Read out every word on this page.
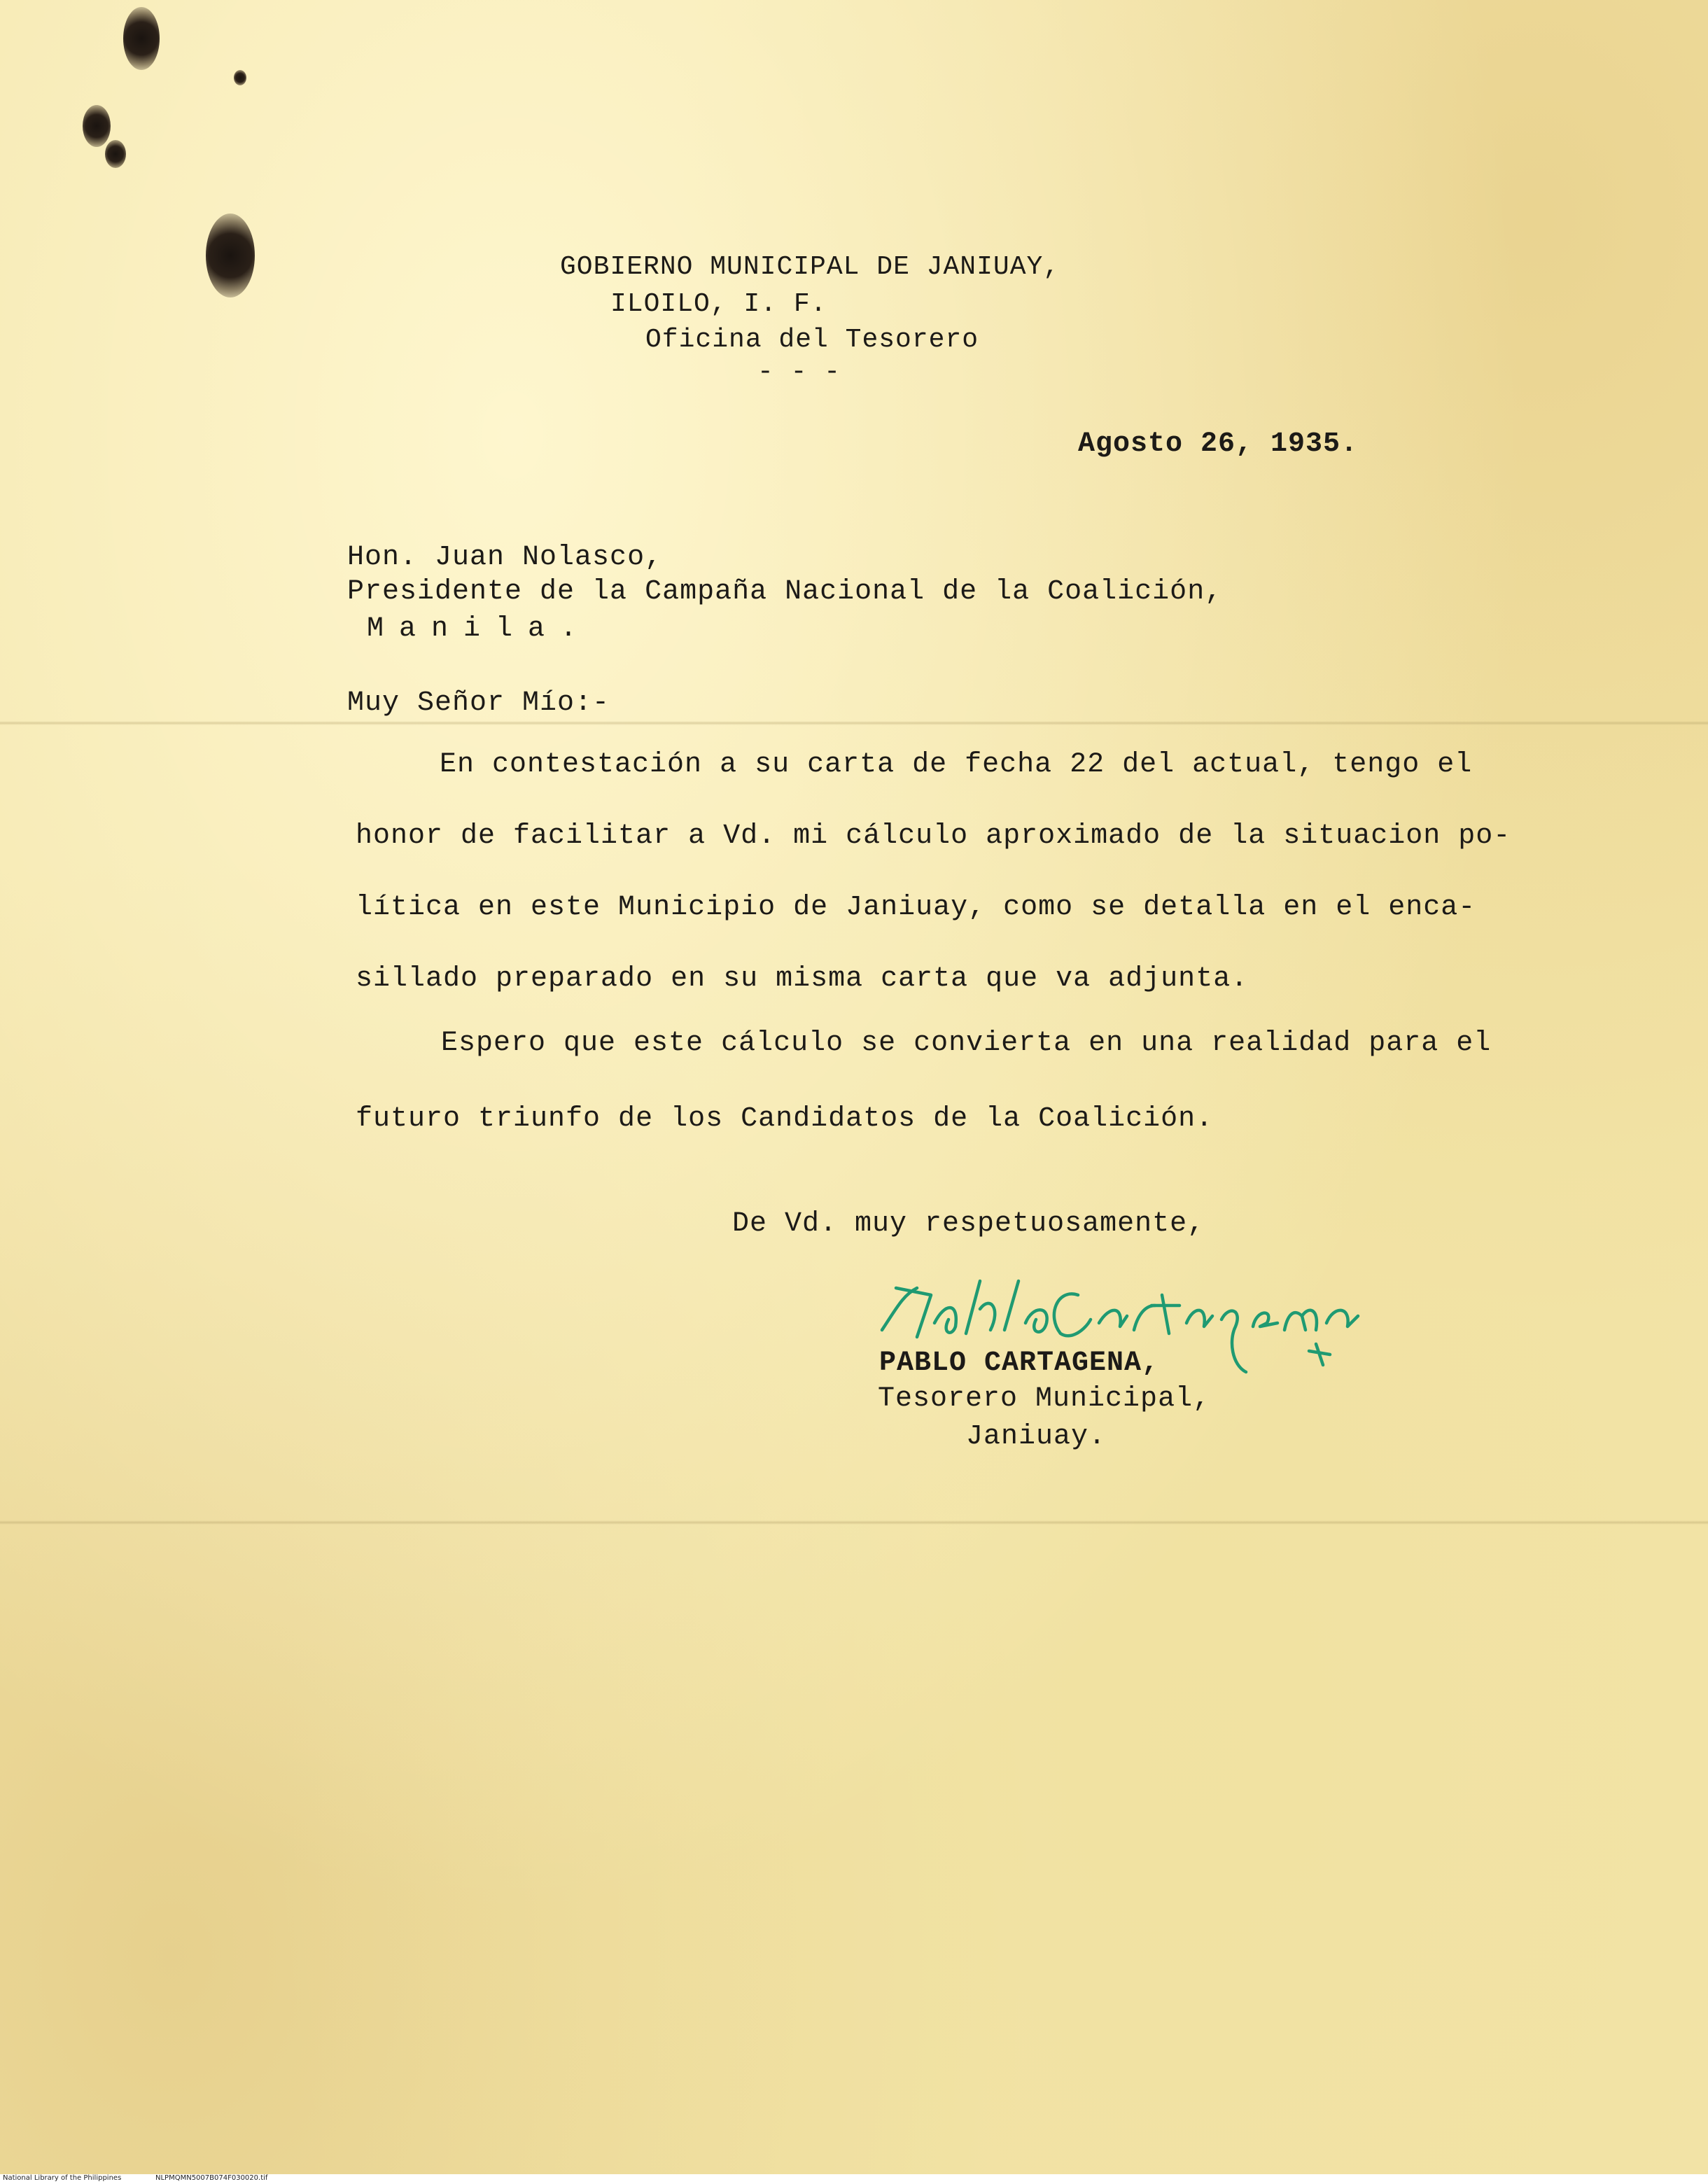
GOBIERNO MUNICIPAL DE JANIUAY,
ILOILO, I. F.
Oficina del Tesorero
- - -
Agosto 26, 1935.
Hon. Juan Nolasco,
Presidente de la Campaña Nacional de la Coalición,
Manila.
Muy Señor Mío:-
En contestación a su carta de fecha 22 del actual, tengo el
honor de facilitar a Vd. mi cálculo aproximado de la situacion po-
lítica en este Municipio de Janiuay, como se detalla en el enca-
sillado preparado en su misma carta que va adjunta.
Espero que este cálculo se convierta en una realidad para el
futuro triunfo de los Candidatos de la Coalición.
De Vd. muy respetuosamente,
PABLO CARTAGENA,
Tesorero Municipal,
Janiuay.
National Library of the Philippines	NLPMQMN5007B074F030020.tif
